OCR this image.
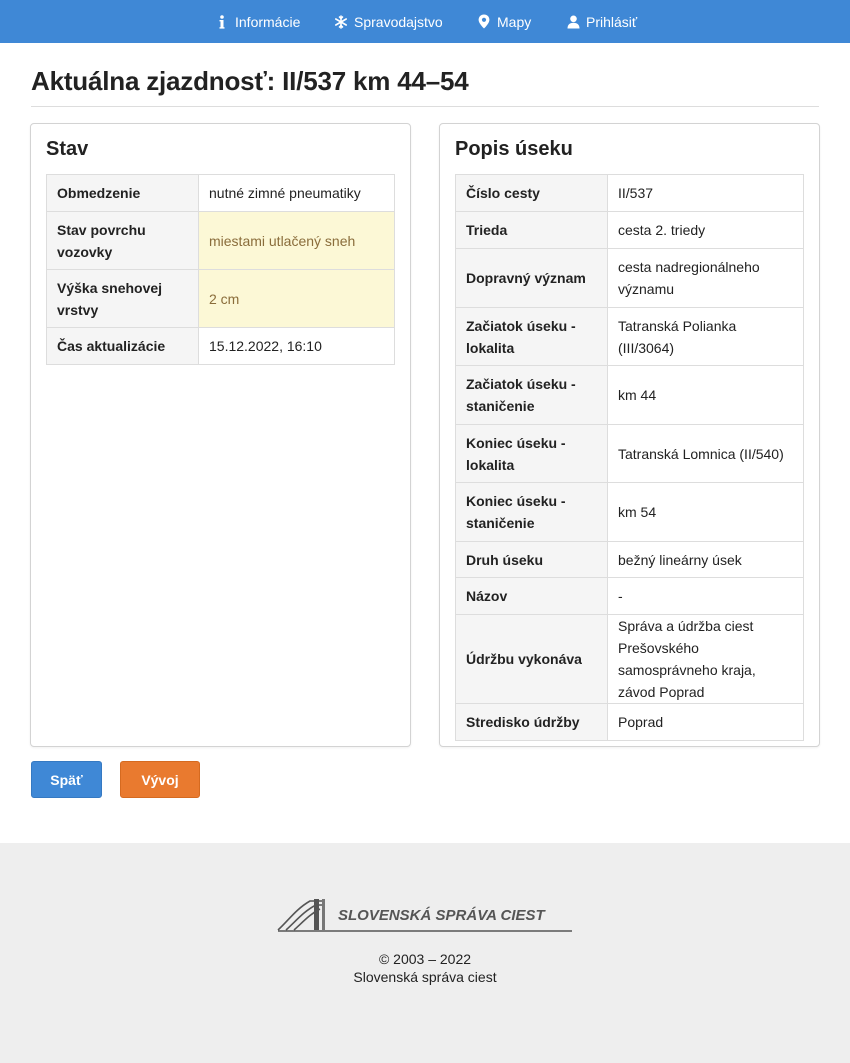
Informácie	Spravodajstvo	Mapy	Prihlásiť
Aktuálna zjazdnosť: II/537 km 44–54
Stav
Obmedzenie	nutné zimné pneumatiky
Stav povrchu vozovky	miestami utlačený sneh
Výška snehovej vrstvy	2 cm
Čas aktualizácie	15.12.2022, 16:10
Popis úseku
Číslo cesty	II/537
Trieda	cesta 2. triedy
Dopravný význam	cesta nadregionálneho významu
Začiatok úseku - lokalita	Tatranská Polianka (III/3064)
Začiatok úseku - staničenie	km 44
Koniec úseku - lokalita	Tatranská Lomnica (II/540)
Koniec úseku - staničenie	km 54
Druh úseku	bežný lineárny úsek
Názov	-
Údržbu vykonáva	Správa a údržba ciest Prešovského samosprávneho kraja, závod Poprad
Stredisko údržby	Poprad
Späť	Vývoj
SLOVENSKÁ SPRÁVA CIEST
© 2003 – 2022
Slovenská správa ciest
